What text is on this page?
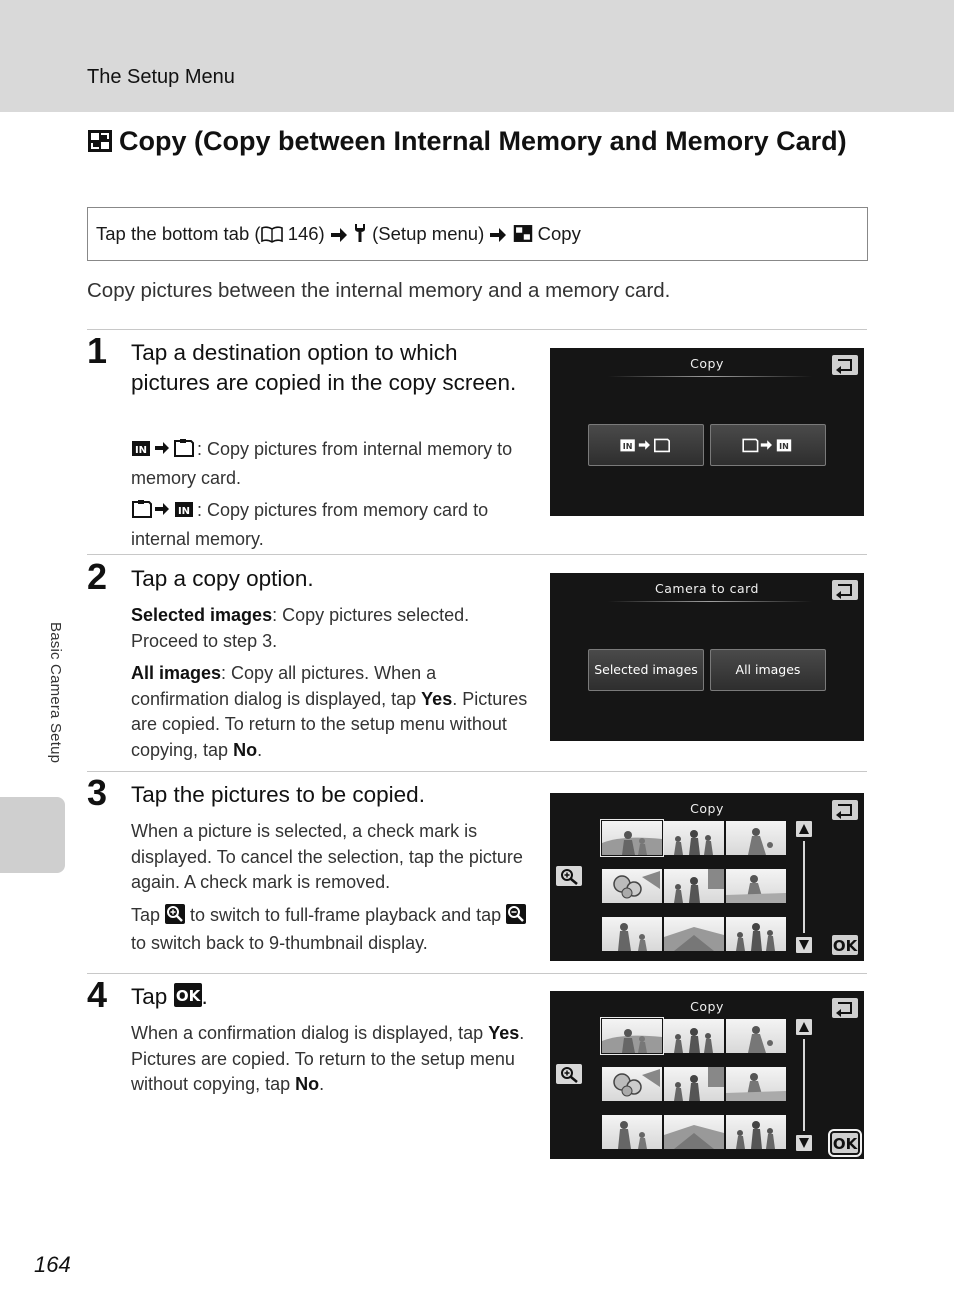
The Setup Menu
Copy (Copy between Internal Memory and Memory Card)
Tap the bottom tab ( 146)	(Setup menu)	Copy
Copy pictures between the internal memory and a memory card.
1 Tap a destination option to which pictures are copied in the copy screen.

IN	: Copy pictures from internal memory to memory card.

IN : Copy pictures from memory card to internal memory.

Copy
IN	IN
2 Tap a copy option.

Selected images: Copy pictures selected. Proceed to step 3.

All images: Copy all pictures. When a confirmation dialog is displayed, tap Yes. Pictures are copied. To return to the setup menu without copying, tap No.

Camera to card
Selected images	All images
3 Tap the pictures to be copied.

When a picture is selected, a check mark is displayed. To cancel the selection, tap the picture again. A check mark is removed.

Tap  to switch to full-frame playback and tap  to switch back to 9-thumbnail display.

Copy
OK
4 Tap OK .

When a confirmation dialog is displayed, tap Yes. Pictures are copied. To return to the setup menu without copying, tap No.

Copy
OK
Basic Camera Setup
164
